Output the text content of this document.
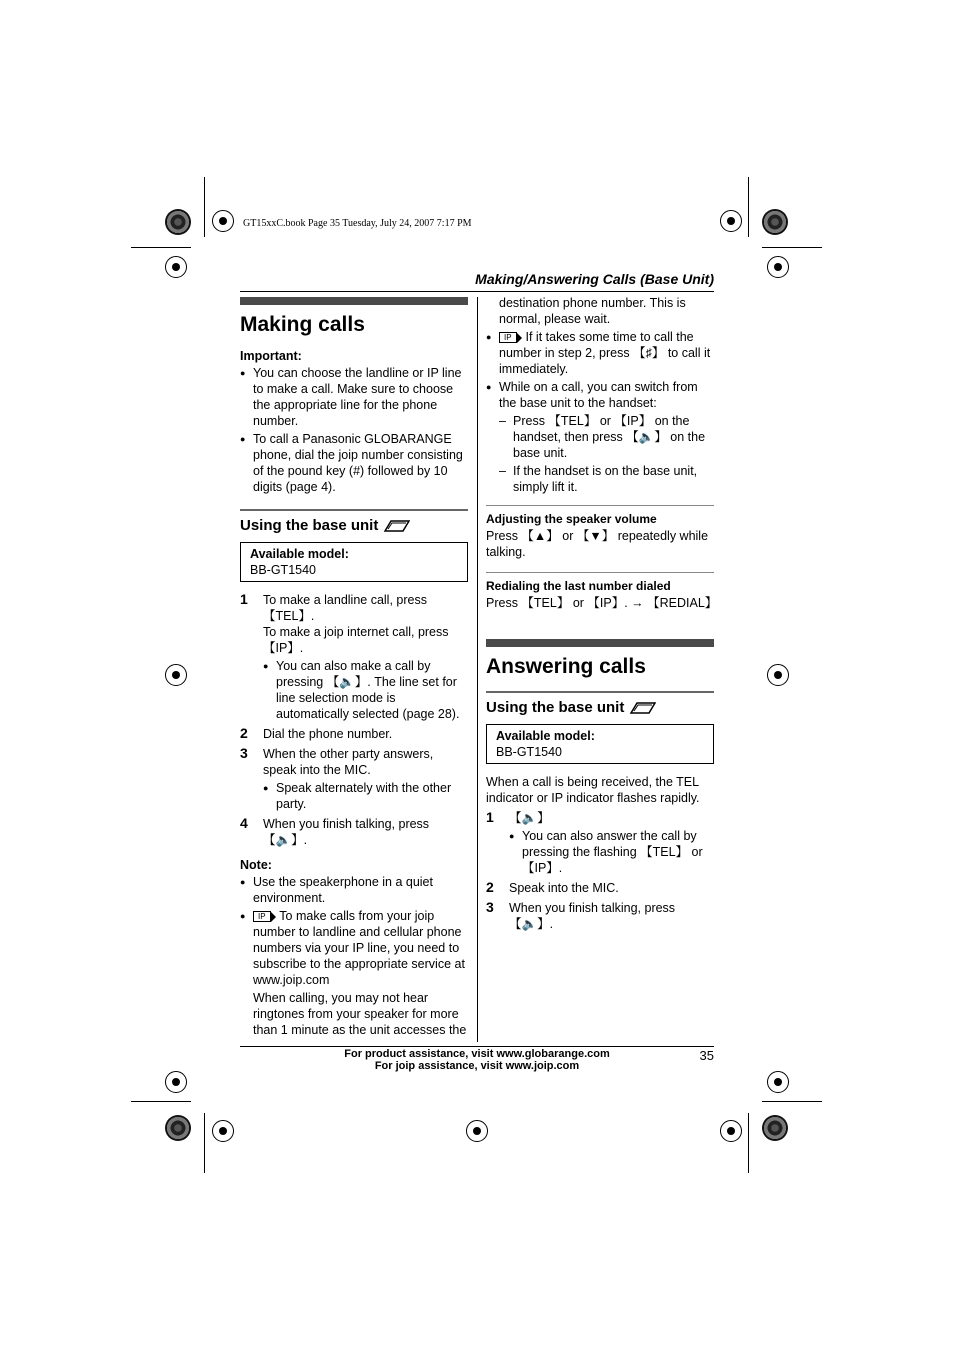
GT15xxC.book Page 35 Tuesday, July 24, 2007 7:17 PM
Making/Answering Calls (Base Unit)
Making calls
Important:
● You can choose the landline or IP line to make a call. Make sure to choose the appropriate line for the phone number.
● To call a Panasonic GLOBARANGE phone, dial the joip number consisting of the pound key (#) followed by 10 digits (page 4).
Using the base unit
Available model:
BB-GT1540
1 To make a landline call, press 【TEL】.

To make a joip internet call, press 【IP】.

● You can also make a call by pressing 【🔈】. The line set for line selection mode is automatically selected (page 28).
2 Dial the phone number.

3 When the other party answers, speak into the MIC.

● Speak alternately with the other party.
4 When you finish talking, press 【🔈】.

Note:
● Use the speakerphone in a quiet environment.
● IP To make calls from your joip number to landline and cellular phone numbers via your IP line, you need to subscribe to the appropriate service at www.joip.com

When calling, you may not hear ringtones from your speaker for more than 1 minute as the unit accesses the

destination phone number. This is normal, please wait.

● IP If it takes some time to call the number in step 2, press 【♯】 to call it immediately.
● While on a call, you can switch from the base unit to the handset:
– Press 【TEL】 or 【IP】 on the handset, then press 【🔈】 on the base unit.
– If the handset is on the base unit, simply lift it.
Adjusting the speaker volume

Press 【▲】 or 【▼】 repeatedly while talking.

Redialing the last number dialed

Press 【TEL】 or 【IP】. → 【REDIAL】

Answering calls
Using the base unit
Available model:
BB-GT1540

When a call is being received, the TEL indicator or IP indicator flashes rapidly.

1 【🔈】

● You can also answer the call by pressing the flashing 【TEL】 or 【IP】.
2 Speak into the MIC.

3 When you finish talking, press 【🔈】.

For product assistance, visit www.globarange.com
For joip assistance, visit www.joip.com
35
